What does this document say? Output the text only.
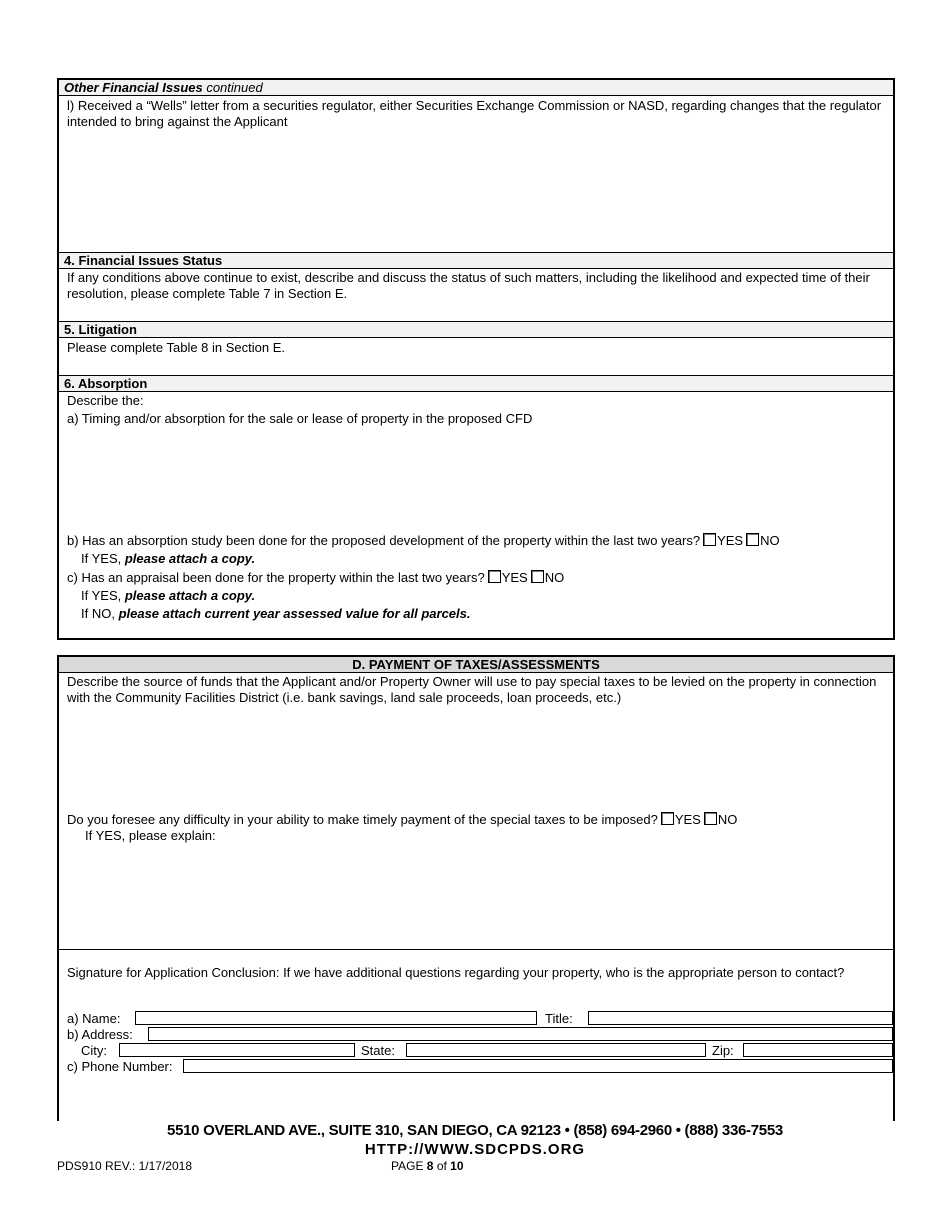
Other Financial Issues continued
l) Received a “Wells” letter from a securities regulator, either Securities Exchange Commission or NASD, regarding changes that the regulator intended to bring against the Applicant
4. Financial Issues Status
If any conditions above continue to exist, describe and discuss the status of such matters, including the likelihood and expected time of their resolution, please complete Table 7 in Section E.
5. Litigation
Please complete Table 8 in Section E.
6. Absorption
Describe the:
a) Timing and/or absorption for the sale or lease of property in the proposed CFD
b) Has an absorption study been done for the proposed development of the property within the last two years? YES NO
If YES, please attach a copy.
c) Has an appraisal been done for the property within the last two years? YES NO
If YES, please attach a copy.
If NO, please attach current year assessed value for all parcels.
D. PAYMENT OF TAXES/ASSESSMENTS
Describe the source of funds that the Applicant and/or Property Owner will use to pay special taxes to be levied on the property in connection with the Community Facilities District (i.e. bank savings, land sale proceeds, loan proceeds, etc.)
Do you foresee any difficulty in your ability to make timely payment of the special taxes to be imposed? YES NO
If YES, please explain:
Signature for Application Conclusion: If we have additional questions regarding your property, who is the appropriate person to contact?
a) Name:	Title:
b) Address:
City:	State:	Zip:
c) Phone Number:
5510 OVERLAND AVE., SUITE 310, SAN DIEGO, CA 92123 • (858) 694-2960 • (888) 336-7553
HTTP://WWW.SDCPDS.ORG
PDS910 REV.: 1/17/2018	PAGE 8 of 10
